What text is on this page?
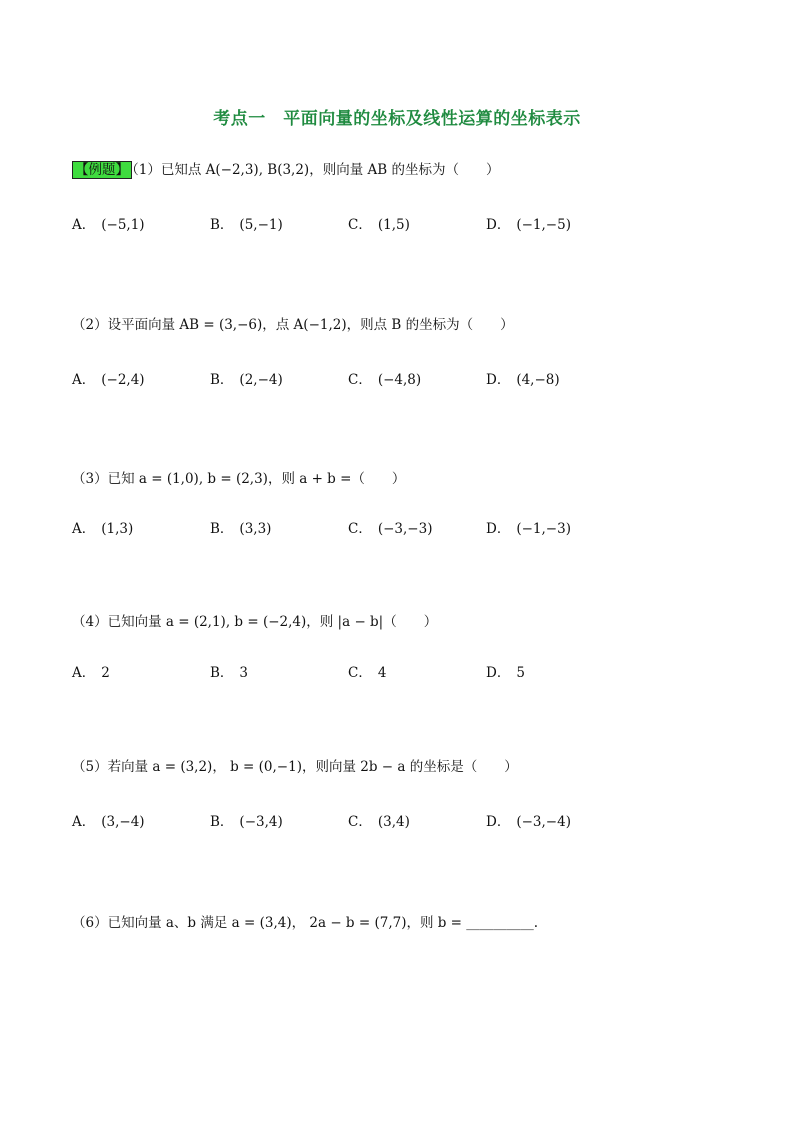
考点一　平面向量的坐标及线性运算的坐标表示
【例题】 （1）已知点 A(−2,3), B(3,2)，则向量 AB 的坐标为（　　）
A． (−5,1)	B． (5,−1)	C． (1,5)	D． (−1,−5)
（2）设平面向量 AB = (3,−6)，点 A(−1,2)，则点 B 的坐标为（　　）
A． (−2,4)	B． (2,−4)	C． (−4,8)	D． (4,−8)
（3）已知 a = (1,0), b = (2,3)，则 a + b =（　　）
A． (1,3)	B． (3,3)	C． (−3,−3)	D． (−1,−3)
（4）已知向量 a = (2,1), b = (−2,4)，则 |a − b|（　　）
A． 2	B． 3	C． 4	D． 5
（5）若向量 a = (3,2)， b = (0,−1)，则向量 2b − a 的坐标是（　　）
A． (3,−4)	B． (−3,4)	C． (3,4)	D． (−3,−4)
（6）已知向量 a、b 满足 a = (3,4)， 2a − b = (7,7)，则 b = __________.
